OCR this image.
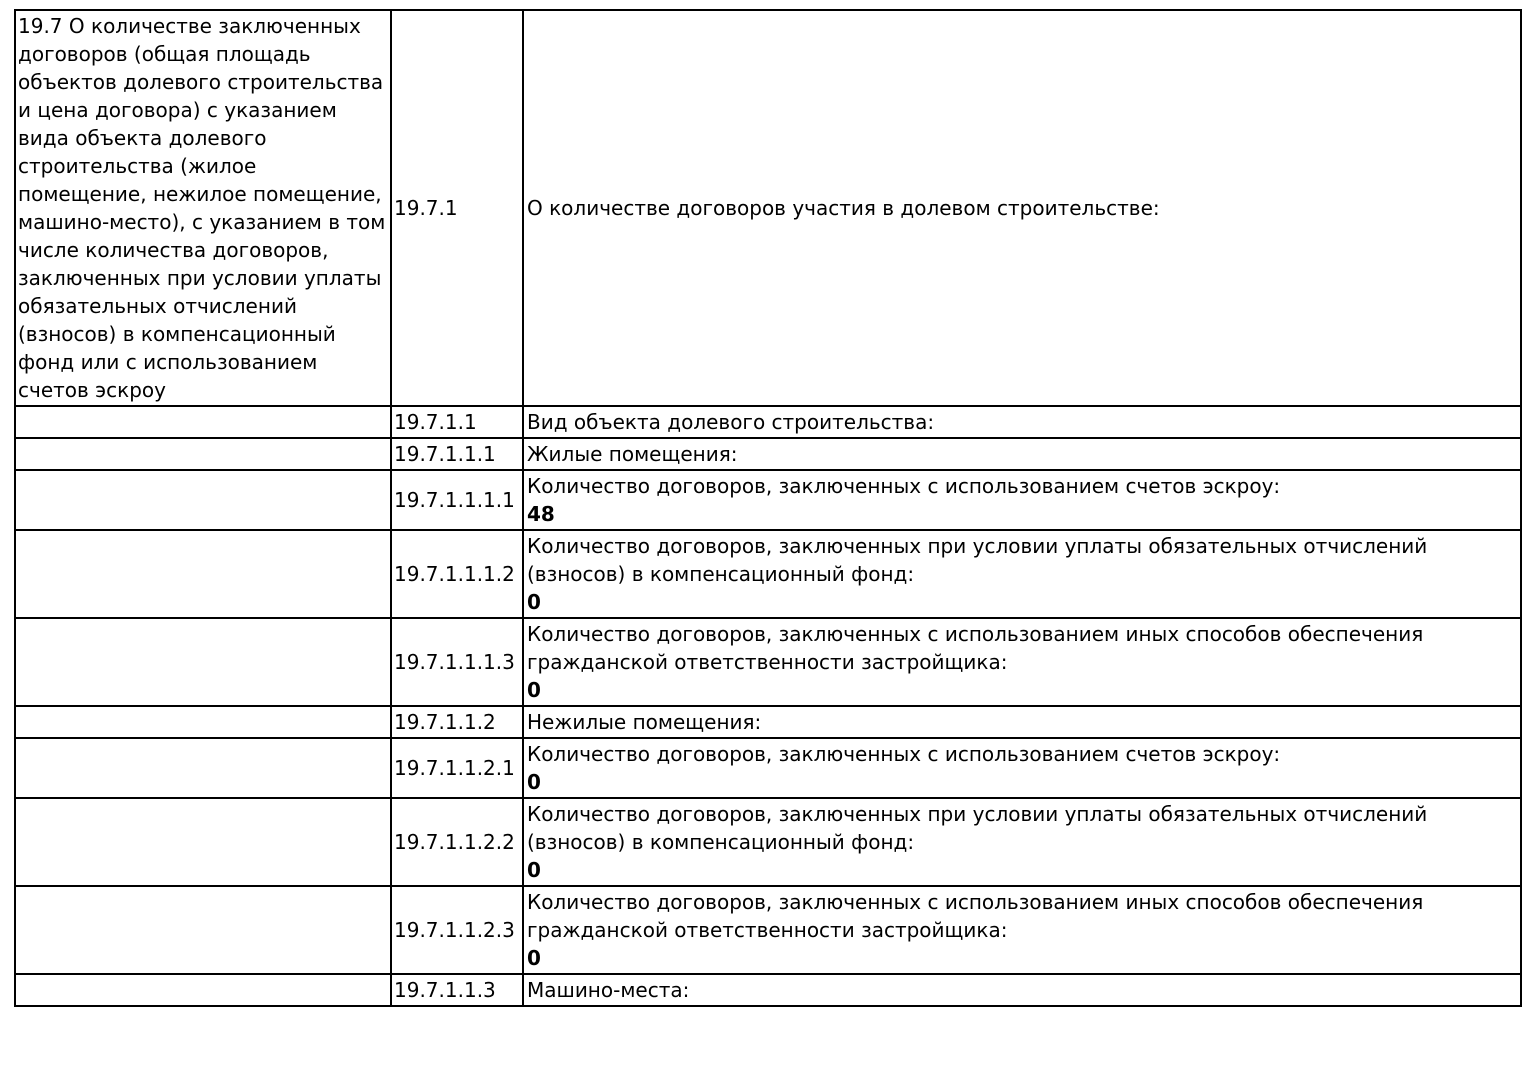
19.7 О количестве заключенных договоров (общая площадь объектов долевого строительства и цена договора) с указанием вида объекта долевого строительства (жилое помещение, нежилое помещение, машино-место), с указанием в том числе количества договоров, заключенных при условии уплаты обязательных отчислений (взносов) в компенсационный фонд или с использованием счетов эскроу	19.7.1	О количестве договоров участия в долевом строительстве:

	19.7.1.1	Вид объекта долевого строительства:

	19.7.1.1.1	Жилые помещения:

	19.7.1.1.1.1	Количество договоров, заключенных с использованием счетов эскроу:
48

	19.7.1.1.1.2	Количество договоров, заключенных при условии уплаты обязательных отчислений (взносов) в компенсационный фонд:
0

	19.7.1.1.1.3	Количество договоров, заключенных с использованием иных способов обеспечения гражданской ответственности застройщика:
0

	19.7.1.1.2	Нежилые помещения:

	19.7.1.1.2.1	Количество договоров, заключенных с использованием счетов эскроу:
0

	19.7.1.1.2.2	Количество договоров, заключенных при условии уплаты обязательных отчислений (взносов) в компенсационный фонд:
0

	19.7.1.1.2.3	Количество договоров, заключенных с использованием иных способов обеспечения гражданской ответственности застройщика:
0

	19.7.1.1.3	Машино-места:
